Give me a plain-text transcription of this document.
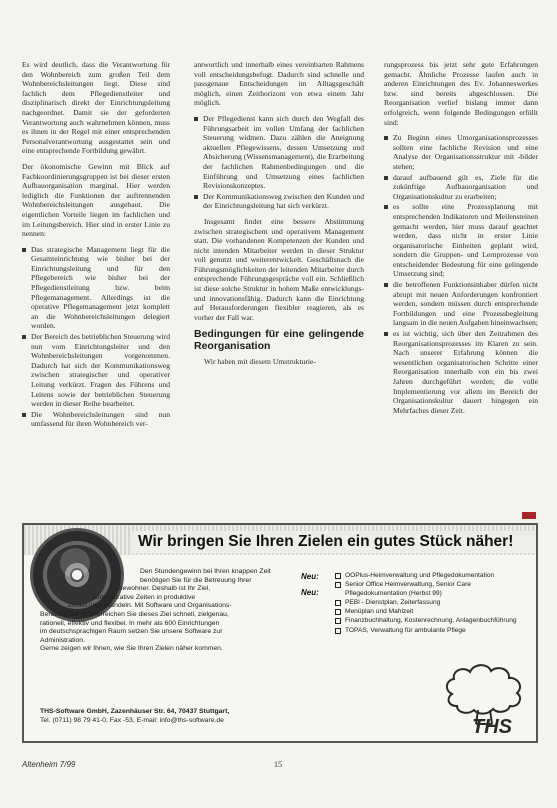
Es wird deutlich, dass die Verantwortung für den Wohnbereich zum großen Teil dem Wohnbereichsleitungen liegt. Diese sind fachlich dem Pflegedienstleiter und disziplinarisch direkt der Einrichtungsleitung nachgeordnet. Damit sie der geforderten Verantwortung auch wahrnehmen können, muss es ihnen in der Regel mit einer entsprechenden Personalverantwortung ausgestattet sein und eine entsprechende Fortbildung gewährt.

Der ökonomische Gewinn mit Blick auf Fachkoordinierungsgruppen ist bei dieser ersten Aufbauorganisation marginal. Hier werden lediglich die Funktionen der auftrennenden Wohnbereichsleitungen ausgebaut. Die eigentlichen Vorteile liegen im fachlichen und im Leitungsbereich. Hier sind in erster Linie zu nennen:

Das strategische Management liegt für die Gesamteinrichtung wie bisher bei der Einrichtungsleitung und für den Pflegebereich wie bisher bei der Pflegedienstleitung bzw. beim Pflegemanagement. Allerdings ist die operative Pflegemanagement jetzt komplett an die Wohnbereichsleitungen delegiert worden.
Der Bereich des betrieblichen Steuerung wird nun vom Einrichtungsleiter und den Wohnbereichsleitungen vorgenommen. Dadurch hat sich der Kommunikationsweg zwischen strategischer und operativer Leitung verkürzt. Fragen des Führens und Leitens sowie der betrieblichen Steuerung werden in dieser Reihe bearbeitet.
Die Wohnbereichsleitungen sind nun umfassend für ihren Wohnbereich ver-

antwortlich und innerhalb eines vereinbarten Rahmens voll entscheidungsbefugt. Dadurch sind schnelle und passgenaue Entscheidungen im Alltagsgeschäft möglich, einen Zeithorizont von etwa einem Jahr möglich.

Der Pflegedienst kann sich durch den Wegfall des Führungsarbeit im vollen Umfang der fachlichen Steuerung widmen. Dazu zählen die Aneignung aktuellen Pflegewissens, dessen Umsetzung und Absicherung (Wissensmanagement), die Erarbeitung der fachlichen Rahmenbedingungen und die Einführung und Umsetzung eines fachlichen Revisionskonzeptes.
Der Kommunikationsweg zwischen den Kunden und der Einrichtungsleitung hat sich verkürzt.

Insgesamt findet eine bessere Abstimmung zwischen strategischem und operativem Management statt. Die vorhandenen Kompetenzen der Kunden und nicht intenden Mitarbeiter werden in dieser Struktur voll genutzt und weiterentwickelt. Geschäftsnach die Führungsmöglichkeiten der leitenden Mitarbeiter durch entsprechende Führungsgespräche voll ein. Schließlich ist diese solche Struktur in hohem Maße entwicklungs- und innovationsfähig. Dadurch kann die Einrichtung auf Herausforderungen flexibler reagieren, als es vorher der Fall war.

Bedingungen für eine gelingende Reorganisation

Wir haben mit diesem Umstrukturie-

rungsprozess bis jetzt sehr gute Erfahrungen gemacht. Ähnliche Prozesse laufen auch in anderen Einrichtungen des Ev. Johanneswerkes bzw. sind bereits abgeschlossen. Die Reorganisation verlief bislang immer dann erfolgreich, wenn folgende Bedingungen erfüllt sind:

Zu Beginn eines Umorganisationsprozesses sollten eine fachliche Revision und eine Analyse der Organisationsstruktur mit -bilder stehen;
darauf aufbauend gilt es, Ziele für die zukünftige Aufbauorganisation und Organisationskultur zu erarbeiten;
es sollte eine Prozessplanung mit entsprechenden Indikatoren und Meilensteinen gemacht werden, hier muss darauf geachtet werden, dass nicht in erster Linie organisatorische Einheiten geplant wird, sondern die Gruppen- und Lernprozesse von entscheidender Bedeutung für eine gelingende Umsetzung sind;
die betroffenen Funktionsinhaber dürfen nicht abrupt mit neuen Anforderungen konfrontiert werden, sondern müssen durch entsprechende Fortbildungen und eine Prozessbegleitung langsam in die neuen Aufgaben hineinwachsen;
es ist wichtig, sich über den Zeitrahmen des Reorganisationsprozesses im Klaren zu sein. Nach unserer Erfahrung können die wesentlichen organisatorischen Schritte einer Reorganisation innerhalb von ein bis zwei Jahren durchgeführt werden; die volle Implementierung vor allem im Bereich der Organisationskultur dauert hingegen ein Mehrfaches dieser Zeit.
Wir bringen Sie Ihren Zielen ein gutes Stück näher!
Den Stundengewinn bei Ihren knappen Zeit
benötigen Sie für die Betreuung Ihrer
Bewohner. Deshalb ist Ihr Ziel,
administrative Zeiten in produktive
Zeiten umzuwandeln. Mit Software und Organisations-
Beratung der THS erreichen Sie dieses Ziel schnell, zielgenau,
rationell, effektiv und flexibel. In mehr als 600 Einrichtungen
im deutschsprachigen Raum setzen Sie unsere Software zur
Administration.
Gerne zeigen wir Ihnen, wie Sie Ihren Zielen näher kommen.
Neu:
Neu:
OOPlus-Heimverwaltung und Pflegedokumentation
Senior Office Heimverwaltung, Senior Care Pflegedokumentation (Herbst 99)
PEBl - Dienstplan, Zeiterfassung
Menüplan und Mahlzeit
Finanzbuchhaltung, Kostenrechnung, Anlagenbuchführung
TOPAS, Verwaltung für ambulante Pflege
THS-Software GmbH, Zazenhäuser Str. 64, 70437 Stuttgart,
Tel. (0711) 98 79 41-0, Fax -53, E-mail: info@ths-software.de	THS
Altenheim 7/99	15
